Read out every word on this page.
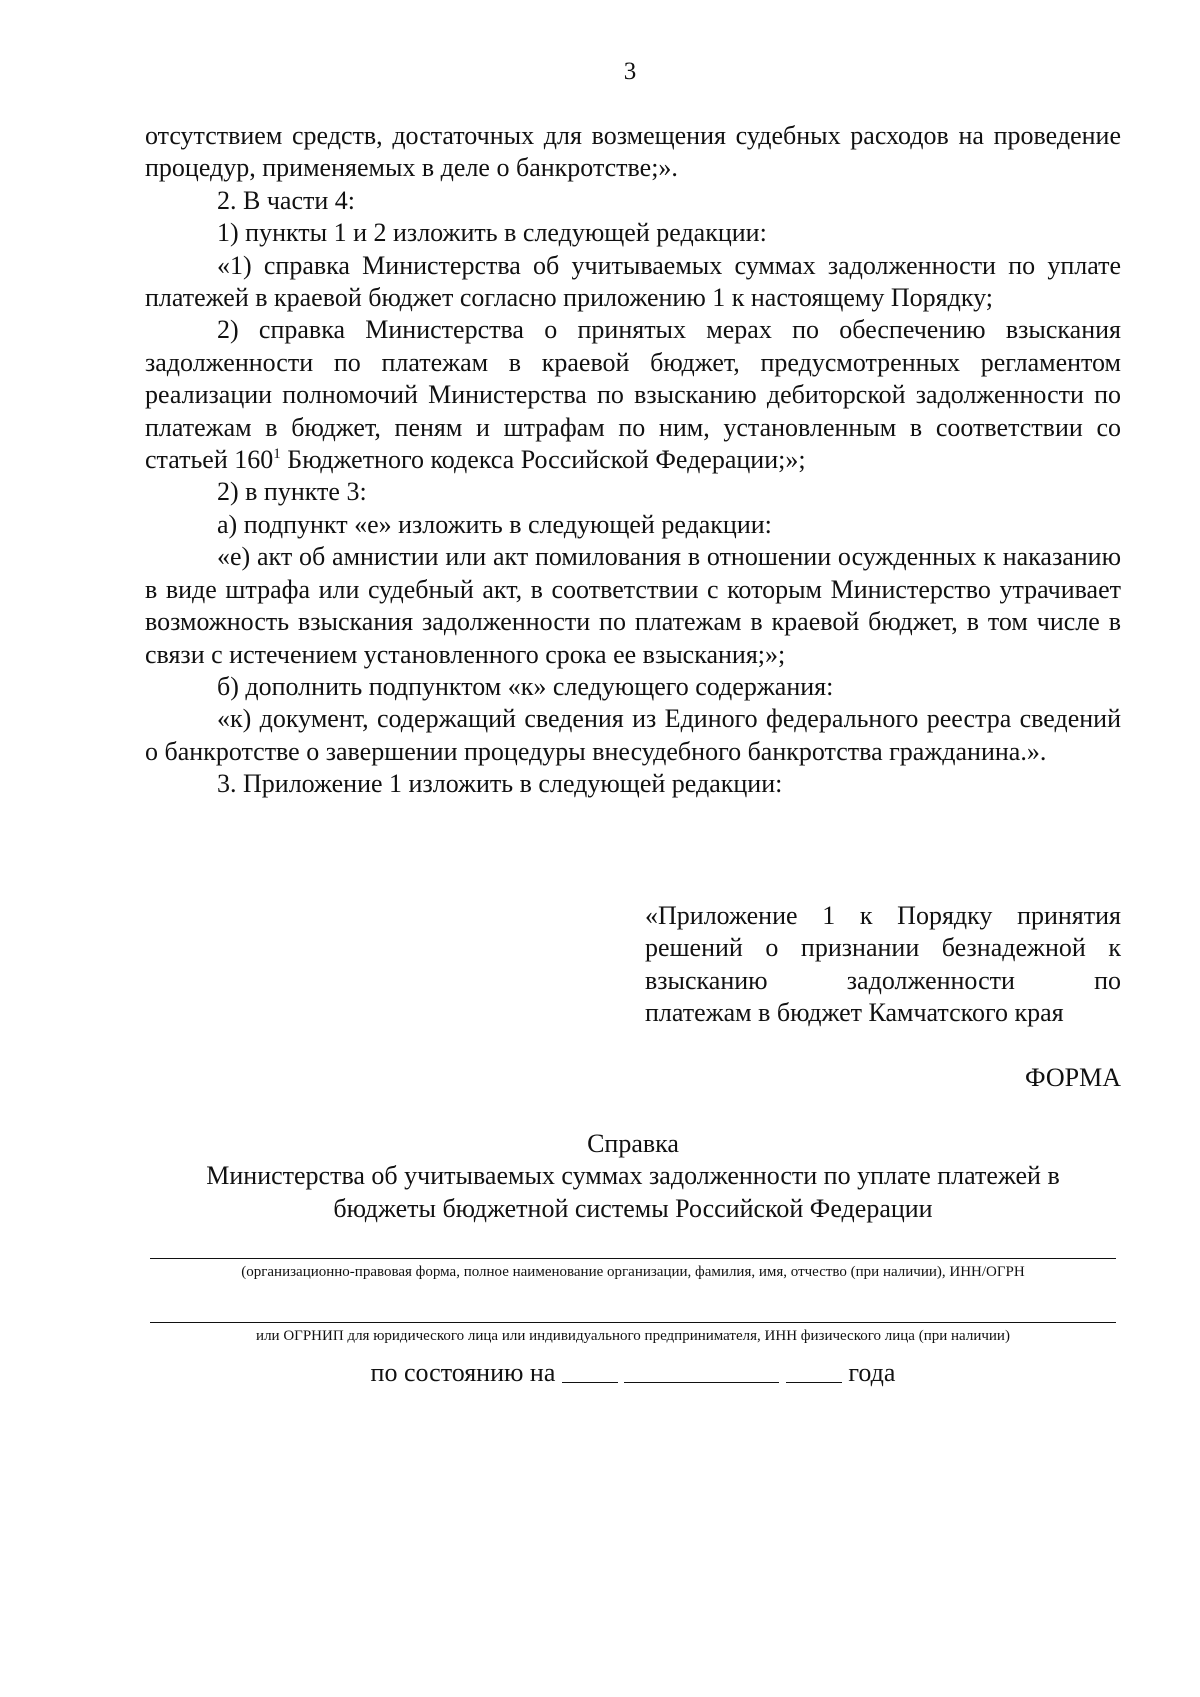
3

отсутствием средств, достаточных для возмещения судебных расходов на проведение процедур, применяемых в деле о банкротстве;».

2. В части 4:

1) пункты 1 и 2 изложить в следующей редакции:

«1) справка Министерства об учитываемых суммах задолженности по уплате платежей в краевой бюджет согласно приложению 1 к настоящему Порядку;

2) справка Министерства о принятых мерах по обеспечению взыскания задолженности по платежам в краевой бюджет, предусмотренных регламентом реализации полномочий Министерства по взысканию дебиторской задолженности по платежам в бюджет, пеням и штрафам по ним, установленным в соответствии со статьей $160^1$ Бюджетного кодекса Российской Федерации;»;

2) в пункте 3:

а) подпункт «е» изложить в следующей редакции:

«е) акт об амнистии или акт помилования в отношении осужденных к наказанию в виде штрафа или судебный акт, в соответствии с которым Министерство утрачивает возможность взыскания задолженности по платежам в краевой бюджет, в том числе в связи с истечением установленного срока ее взыскания;»;

б) дополнить подпунктом «к» следующего содержания:

«к) документ, содержащий сведения из Единого федерального реестра сведений о банкротстве о завершении процедуры внесудебного банкротства гражданина.».

3. Приложение 1 изложить в следующей редакции:

«Приложение 1 к Порядку принятия
решений о признании безнадежной к
взысканию задолженности по
платежам в бюджет Камчатского края
ФОРМА
Справка
Министерства об учитываемых суммах задолженности по уплате платежей в
бюджеты бюджетной системы Российской Федерации
(организационно-правовая форма, полное наименование организации, фамилия, имя, отчество (при наличии), ИНН/ОГРН
или ОГРНИП для юридического лица или индивидуального предпринимателя, ИНН физического лица (при наличии)
по состоянию на	года
